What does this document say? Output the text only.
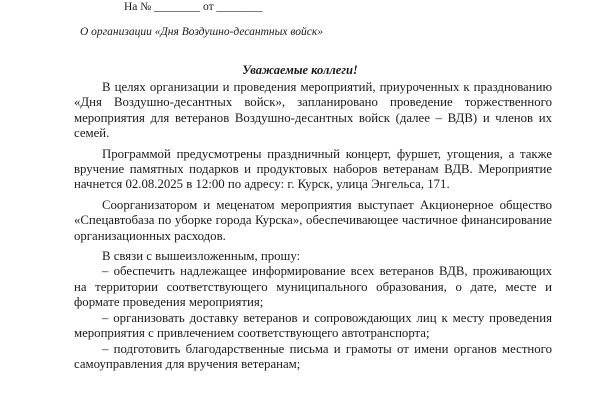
На № ________ от ________
О организации «Дня Воздушно-десантных войск»
Уважаемые коллеги!

В целях организации и проведения мероприятий, приуроченных к празднованию «Дня Воздушно-десантных войск», запланировано проведение торжественного мероприятия для ветеранов Воздушно-десантных войск (далее – ВДВ) и членов их семей.

Программой предусмотрены праздничный концерт, фуршет, угощения, а также вручение памятных подарков и продуктовых наборов ветеранам ВДВ. Мероприятие начнется 02.08.2025 в 12:00 по адресу: г. Курск, улица Энгельса, 171.

Соорганизатором и меценатом мероприятия выступает Акционерное общество «Спецавтобаза по уборке города Курска», обеспечивающее частичное финансирование организационных расходов.

В связи с вышеизложенным, прошу:

– обеспечить надлежащее информирование всех ветеранов ВДВ, проживающих на территории соответствующего муниципального образования, о дате, месте и формате проведения мероприятия;

– организовать доставку ветеранов и сопровождающих лиц к месту проведения мероприятия с привлечением соответствующего автотранспорта;

– подготовить благодарственные письма и грамоты от имени органов местного самоуправления для вручения ветеранам;
